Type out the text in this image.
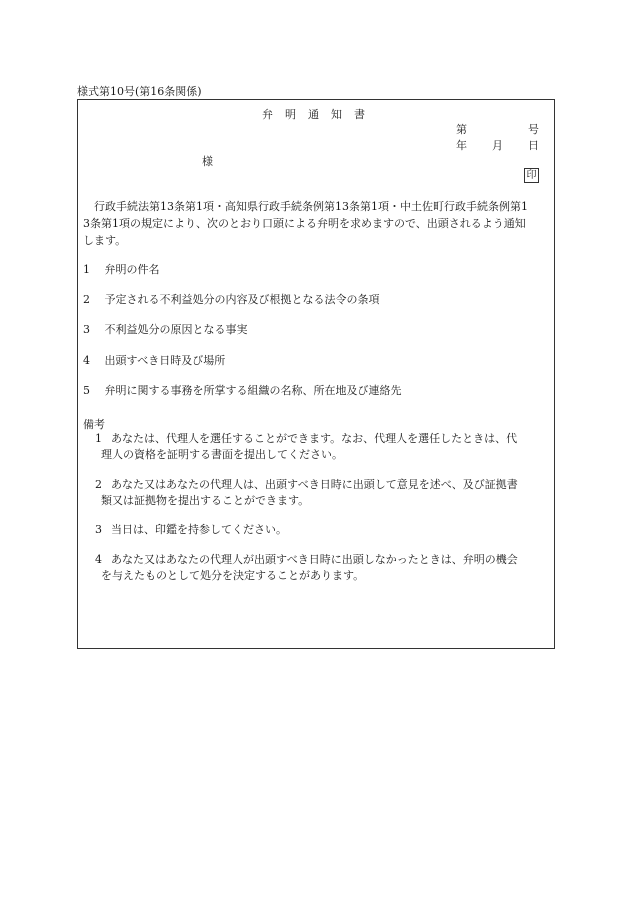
様式第10号(第16条関係)
弁明通知書
第	号
年 月 日
様
印
　行政手続法第13条第1項・高知県行政手続条例第13条第1項・中土佐町行政手続条例第1
3条第1項の規定により、次のとおり口頭による弁明を求めますので、出頭されるよう通知
します。
1 弁明の件名
2 予定される不利益処分の内容及び根拠となる法令の条項
3 不利益処分の原因となる事実
4 出頭すべき日時及び場所
5 弁明に関する事務を所掌する組織の名称、所在地及び連絡先
備考
1 あなたは、代理人を選任することができます。なお、代理人を選任したときは、代
理人の資格を証明する書面を提出してください。
2 あなた又はあなたの代理人は、出頭すべき日時に出頭して意見を述べ、及び証拠書
類又は証拠物を提出することができます。
3 当日は、印鑑を持参してください。
4 あなた又はあなたの代理人が出頭すべき日時に出頭しなかったときは、弁明の機会
を与えたものとして処分を決定することがあります。
